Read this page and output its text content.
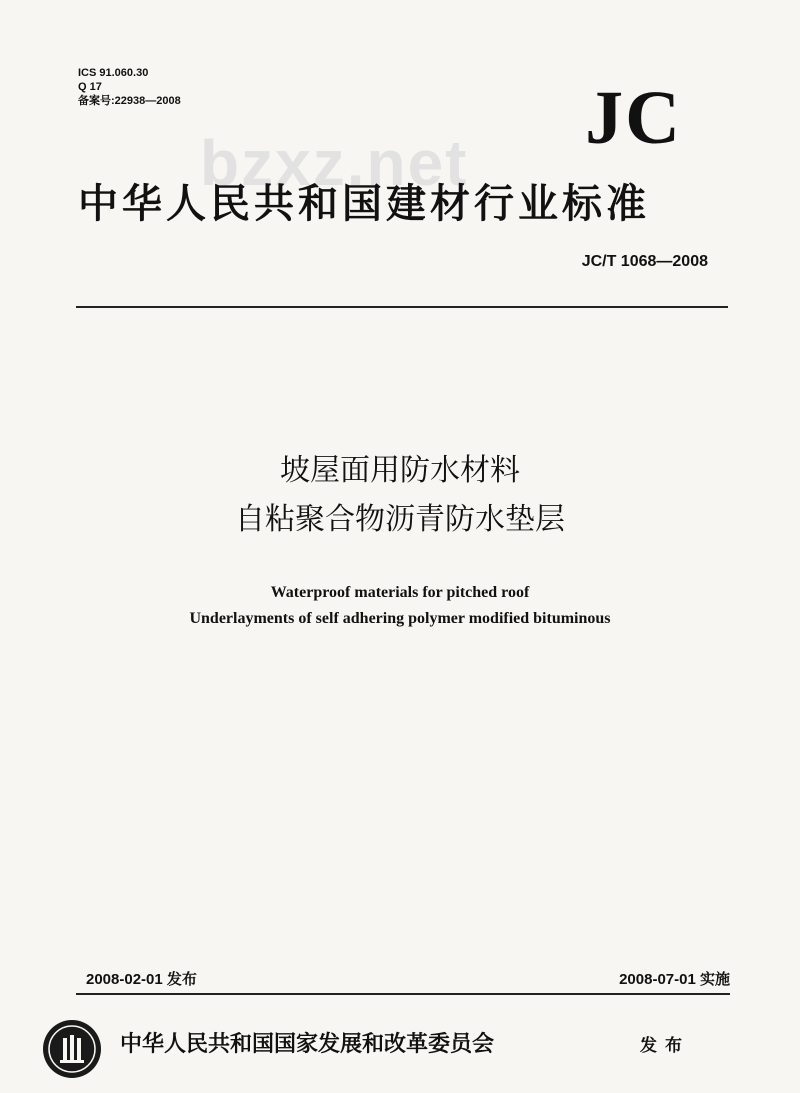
ICS 91.060.30
Q 17
备案号:22938—2008
bzxz.net
JC
中华人民共和国建材行业标准
JC/T 1068—2008
坡屋面用防水材料
自粘聚合物沥青防水垫层
Waterproof materials for pitched roof
Underlayments of self adhering polymer modified bituminous
2008-02-01 发布	2008-07-01 实施
中华人民共和国国家发展和改革委员会	发布
